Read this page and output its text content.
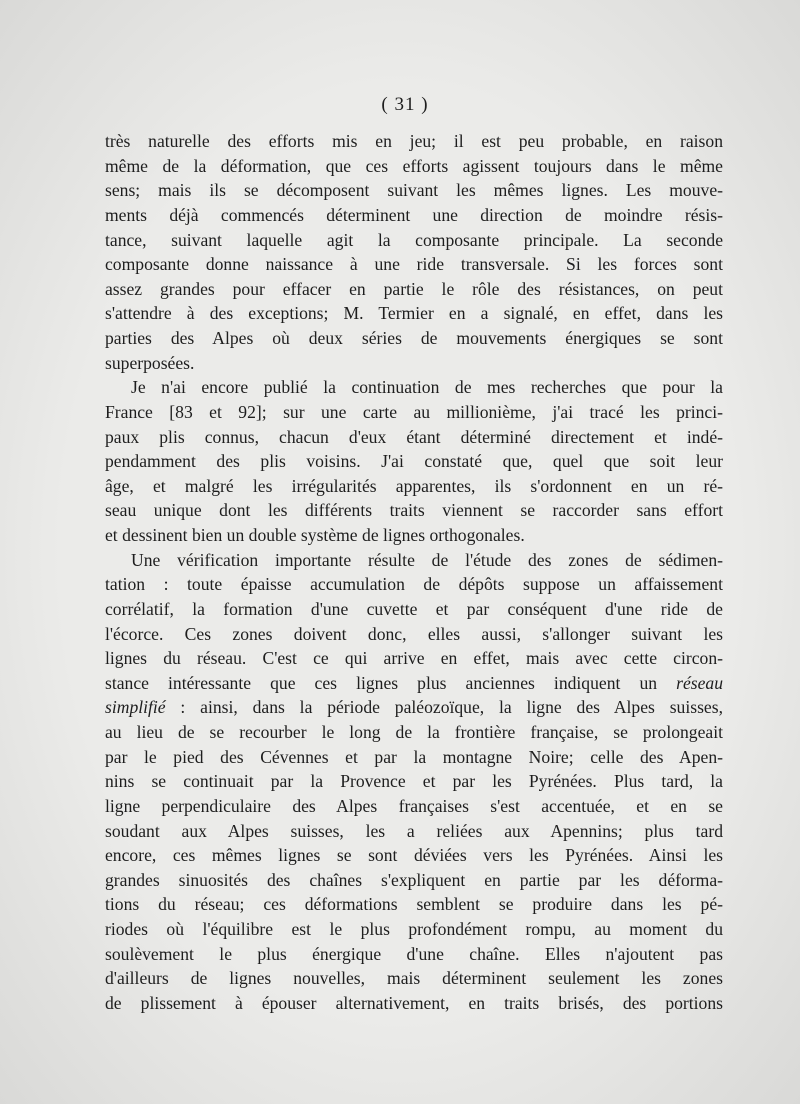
( 31 )
très naturelle des efforts mis en jeu; il est peu probable, en raison
même de la déformation, que ces efforts agissent toujours dans le même
sens; mais ils se décomposent suivant les mêmes lignes. Les mouve-
ments déjà commencés déterminent une direction de moindre résis-
tance, suivant laquelle agit la composante principale. La seconde
composante donne naissance à une ride transversale. Si les forces sont
assez grandes pour effacer en partie le rôle des résistances, on peut
s'attendre à des exceptions; M. Termier en a signalé, en effet, dans les
parties des Alpes où deux séries de mouvements énergiques se sont
superposées.
Je n'ai encore publié la continuation de mes recherches que pour la
France [83 et 92]; sur une carte au millionième, j'ai tracé les princi-
paux plis connus, chacun d'eux étant déterminé directement et indé-
pendamment des plis voisins. J'ai constaté que, quel que soit leur
âge, et malgré les irrégularités apparentes, ils s'ordonnent en un ré-
seau unique dont les différents traits viennent se raccorder sans effort
et dessinent bien un double système de lignes orthogonales.
Une vérification importante résulte de l'étude des zones de sédimen-
tation : toute épaisse accumulation de dépôts suppose un affaissement
corrélatif, la formation d'une cuvette et par conséquent d'une ride de
l'écorce. Ces zones doivent donc, elles aussi, s'allonger suivant les
lignes du réseau. C'est ce qui arrive en effet, mais avec cette circon-
stance intéressante que ces lignes plus anciennes indiquent un réseau
simplifié : ainsi, dans la période paléozoïque, la ligne des Alpes suisses,
au lieu de se recourber le long de la frontière française, se prolongeait
par le pied des Cévennes et par la montagne Noire; celle des Apen-
nins se continuait par la Provence et par les Pyrénées. Plus tard, la
ligne perpendiculaire des Alpes françaises s'est accentuée, et en se
soudant aux Alpes suisses, les a reliées aux Apennins; plus tard
encore, ces mêmes lignes se sont déviées vers les Pyrénées. Ainsi les
grandes sinuosités des chaînes s'expliquent en partie par les déforma-
tions du réseau; ces déformations semblent se produire dans les pé-
riodes où l'équilibre est le plus profondément rompu, au moment du
soulèvement le plus énergique d'une chaîne. Elles n'ajoutent pas
d'ailleurs de lignes nouvelles, mais déterminent seulement les zones
de plissement à épouser alternativement, en traits brisés, des portions
